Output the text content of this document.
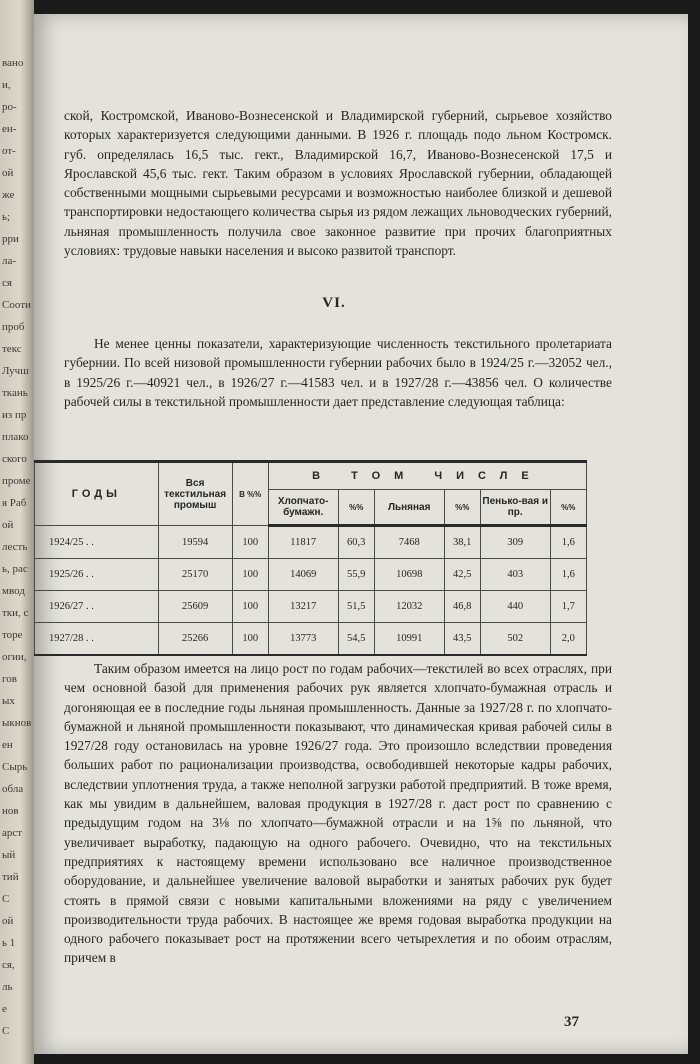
вано
и,
ро-
ен-
от-
ой
же
ь;
рри
ла-
ся
Сооти
проб
текс
Лучш
ткань
из пр
плако
ского
проме
я Раб
ой
лесть
ь, рас
мвод
тки, с
торе
огии,
гов
ых
ыкнов
ен
Сырь
обла
нов
арст
ый
тий
С
ой
ь 1
ся,
ль
е
С

ской, Костромской, Иваново-Вознесенской и Владимирской губерний, сырьевое хозяйство которых характеризуется следующими данными. В 1926 г. площадь подо льном Костромск. губ. определялась 16,5 тыс. гект., Владимирской 16,7, Иваново-Вознесенской 17,5 и Ярославской 45,6 тыс. гект. Таким образом в условиях Ярославской губернии, обладающей собственными мощными сырьевыми ресурсами и возможностью наиболее близкой и дешевой транспортировки недостающего количества сырья из рядом лежащих льноводческих губерний, льняная промышленность получила свое законное развитие при прочих благоприятных условиях: трудовые навыки населения и высоко развитой транспорт.

VI.

Не менее ценны показатели, характеризующие численность текстильного пролетариата губернии. По всей низовой промышленности губернии рабочих было в 1924/25 г.—32052 чел., в 1925/26 г.—40921 чел., в 1926/27 г.—41583 чел. и в 1927/28 г.—43856 чел. О количестве рабочей силы в текстильной промышленности дает представление следующая таблица:

ГОДЫ	Вся текстильная промыш	В %%	В ТОМ ЧИСЛЕ					
			Хлопчато-бумажн.	%%	Льняная	%%	Пенько-вая и пр.	%%
1924/25 . .	19594	100	11817	60,3	7468	38,1	309	1,6
1925/26 . .	25170	100	14069	55,9	10698	42,5	403	1,6
1926/27 . .	25609	100	13217	51,5	12032	46,8	440	1,7
1927/28 . .	25266	100	13773	54,5	10991	43,5	502	2,0

Таким образом имеется на лицо рост по годам рабочих—текстилей во всех отраслях, при чем основной базой для применения рабочих рук является хлопчато-бумажная отрасль и догоняющая ее в последние годы льняная промышленность. Данные за 1927/28 г. по хлопчато-бумажной и льняной промышленности показывают, что динамическая кривая рабочей силы в 1927/28 году остановилась на уровне 1926/27 года. Это произошло вследствии проведения больших работ по рационализации производства, освободившей некоторые кадры рабочих, вследствии уплотнения труда, а также неполной загрузки работой предприятий. В тоже время, как мы увидим в дальнейшем, валовая продукция в 1927/28 г. даст рост по сравнению с предыдущим годом на 3⅛ по хлопчато—бумажной отрасли и на 1⅝ по льняной, что увеличивает выработку, падающую на одного рабочего. Очевидно, что на текстильных предприятиях к настоящему времени использовано все наличное производственное оборудование, и дальнейшее увеличение валовой выработки и занятых рабочих рук будет стоять в прямой связи с новыми капитальными вложениями на ряду с увеличением производительности труда рабочих. В настоящее же время годовая выработка продукции на одного рабочего показывает рост на протяжении всего четырехлетия и по обоим отраслям, причем в

37
